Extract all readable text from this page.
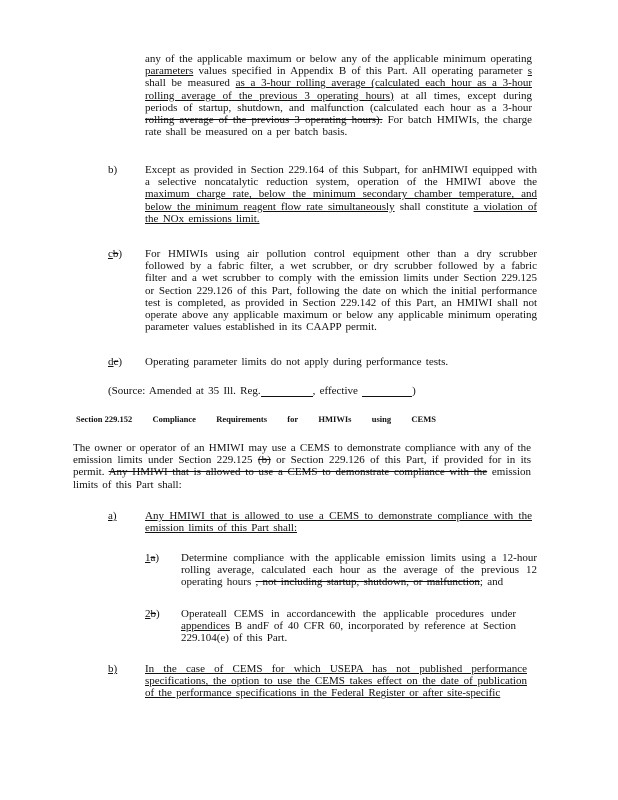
any of the applicable maximum or below any of the applicable minimum operating parameters values specified in Appendix B of this Part. All operating parameter s shall be measured as a 3-hour rolling average (calculated each hour as a 3-hour rolling average of the previous 3 operating hours) at all times, except during periods of startup, shutdown, and malfunction (calculated each hour as a 3-hour rolling average of the previous 3 operating hours). For batch HMIWIs, the charge rate shall be measured on a per batch basis.
b)	Except as provided in Section 229.164 of this Subpart, for anHMIWI equipped with a selective noncatalytic reduction system, operation of the HMIWI above the maximum charge rate, below the minimum secondary chamber temperature, and below the minimum reagent flow rate simultaneously shall constitute a violation of the NOx emissions limit.
cb) For HMIWIs using air pollution control equipment other than a dry scrubber followed by a fabric filter, a wet scrubber, or dry scrubber followed by a fabric filter and a wet scrubber to comply with the emission limits under Section 229.125 or Section 229.126 of this Part, following the date on which the initial performance test is completed, as provided in Section 229.142 of this Part, an HMIWI shall not operate above any applicable maximum or below any applicable minimum operating parameter values established in its CAAPP permit.
dc) Operating parameter limits do not apply during performance tests.
(Source: Amended at 35 Ill. Reg.	, effective	)
Section 229.152 Compliance Requirements for HMIWIs using CEMS
The owner or operator of an HMIWI may use a CEMS to demonstrate compliance with any of the emission limits under Section 229.125 (b) or Section 229.126 of this Part, if provided for in its permit. Any HMIWI that is allowed to use a CEMS to demonstrate compliance with the emission limits of this Part shall:
a)	Any HMIWI that is allowed to use a CEMS to demonstrate compliance with the emission limits of this Part shall:
1a) Determine compliance with the applicable emission limits using a 12-hour rolling average, calculated each hour as the average of the previous 12 operating hours , not including startup, shutdown, or malfunction; and
2b) Operateall CEMS in accordancewith the applicable procedures under appendices B andF of 40 CFR 60, incorporated by reference at Section 229.104(e) of this Part.
b)	In the case of CEMS for which USEPA has not published performance specifications, the option to use the CEMS takes effect on the date of publication of the performance specifications in the Federal Register or after site-specific
